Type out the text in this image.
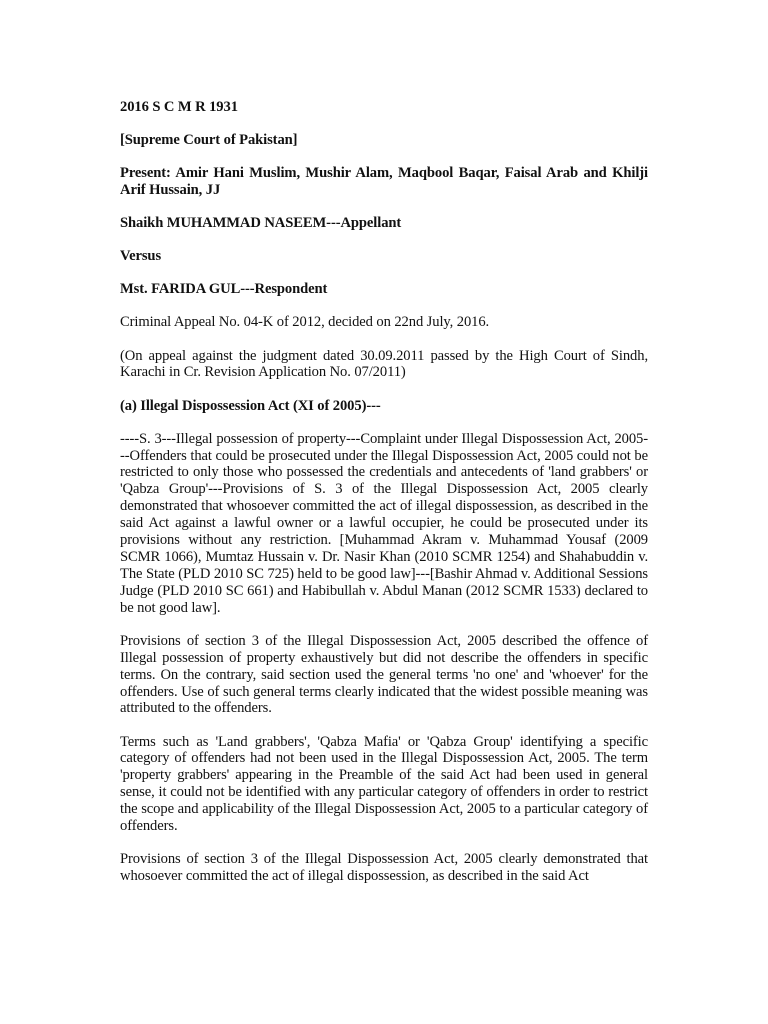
2016 S C M R 1931

[Supreme Court of Pakistan]

Present: Amir Hani Muslim, Mushir Alam, Maqbool Baqar, Faisal Arab and Khilji Arif Hussain, JJ

Shaikh MUHAMMAD NASEEM---Appellant

Versus

Mst. FARIDA GUL---Respondent

Criminal Appeal No. 04-K of 2012, decided on 22nd July, 2016.

(On appeal against the judgment dated 30.09.2011 passed by the High Court of Sindh, Karachi in Cr. Revision Application No. 07/2011)

(a) Illegal Dispossession Act (XI of 2005)---

----S. 3---Illegal possession of property---Complaint under Illegal Dispossession Act, 2005---Offenders that could be prosecuted under the Illegal Dispossession Act, 2005 could not be restricted to only those who possessed the credentials and antecedents of 'land grabbers' or 'Qabza Group'---Provisions of S. 3 of the Illegal Dispossession Act, 2005 clearly demonstrated that whosoever committed the act of illegal dispossession, as described in the said Act against a lawful owner or a lawful occupier, he could be prosecuted under its provisions without any restriction. [Muhammad Akram v. Muhammad Yousaf (2009 SCMR 1066), Mumtaz Hussain v. Dr. Nasir Khan (2010 SCMR 1254) and Shahabuddin v. The State (PLD 2010 SC 725) held to be good law]---[Bashir Ahmad v. Additional Sessions Judge (PLD 2010 SC 661) and Habibullah v. Abdul Manan (2012 SCMR 1533) declared to be not good law].

Provisions of section 3 of the Illegal Dispossession Act, 2005 described the offence of Illegal possession of property exhaustively but did not describe the offenders in specific terms. On the contrary, said section used the general terms 'no one' and 'whoever' for the offenders. Use of such general terms clearly indicated that the widest possible meaning was attributed to the offenders.

Terms such as 'Land grabbers', 'Qabza Mafia' or 'Qabza Group' identifying a specific category of offenders had not been used in the Illegal Dispossession Act, 2005. The term 'property grabbers' appearing in the Preamble of the said Act had been used in general sense, it could not be identified with any particular category of offenders in order to restrict the scope and applicability of the Illegal Dispossession Act, 2005 to a particular category of offenders.

Provisions of section 3 of the Illegal Dispossession Act, 2005 clearly demonstrated that whosoever committed the act of illegal dispossession, as described in the said Act
